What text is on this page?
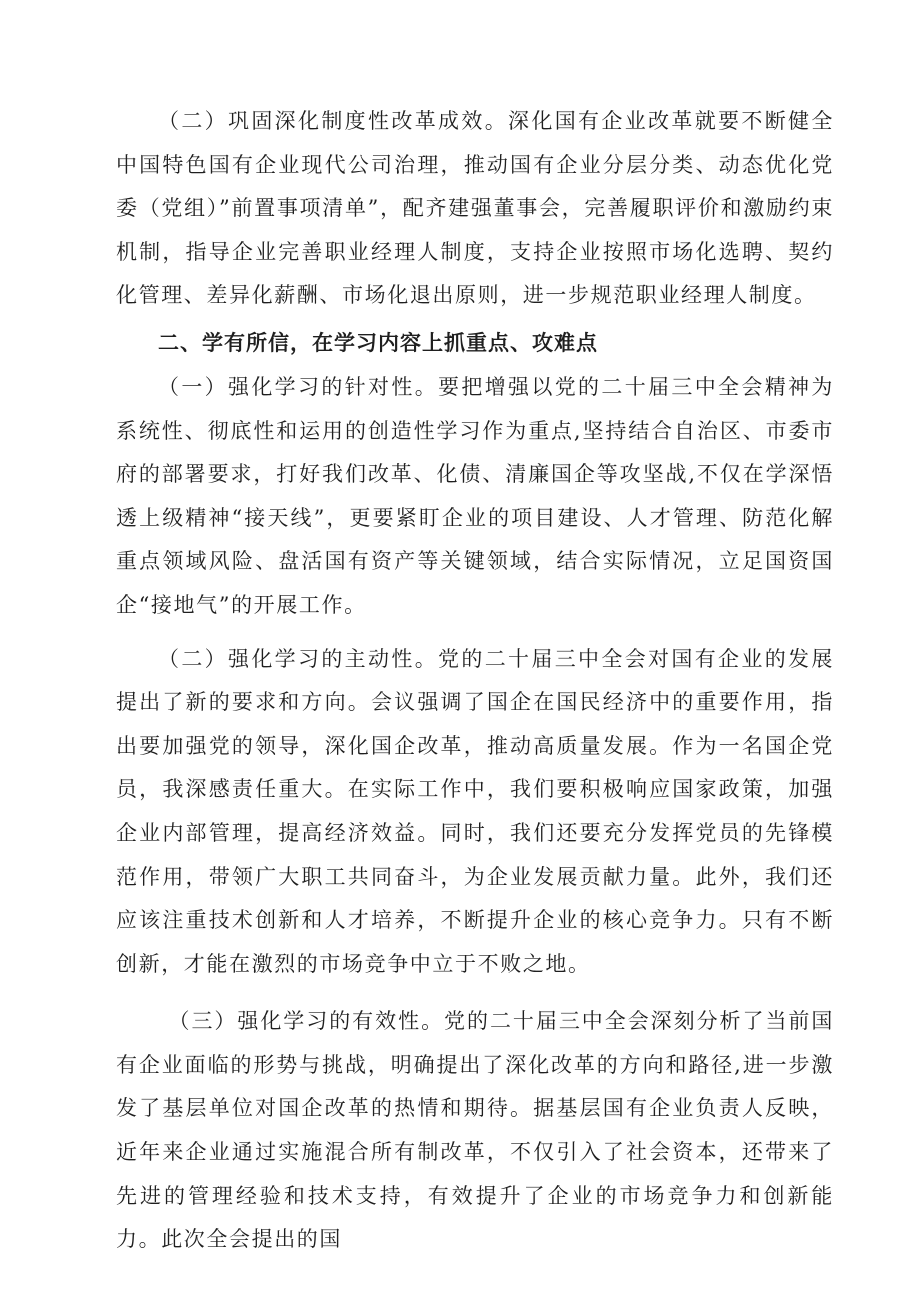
（二）巩固深化制度性改革成效。深化国有企业改革就要不断健全中国特色国有企业现代公司治理，推动国有企业分层分类、动态优化党委（党组）”前置事项清单”，配齐建强董事会，完善履职评价和激励约束机制，指导企业完善职业经理人制度，支持企业按照市场化选聘、契约化管理、差异化薪酬、市场化退出原则，进一步规范职业经理人制度。

二、学有所信，在学习内容上抓重点、攻难点

（一）强化学习的针对性。要把增强以党的二十届三中全会精神为系统性、彻底性和运用的创造性学习作为重点,坚持结合自治区、市委市府的部署要求，打好我们改革、化债、清廉国企等攻坚战,不仅在学深悟透上级精神“接天线”，更要紧盯企业的项目建设、人才管理、防范化解重点领域风险、盘活国有资产等关键领域，结合实际情况，立足国资国企“接地气”的开展工作。

（二）强化学习的主动性。党的二十届三中全会对国有企业的发展提出了新的要求和方向。会议强调了国企在国民经济中的重要作用，指出要加强党的领导，深化国企改革，推动高质量发展。作为一名国企党员，我深感责任重大。在实际工作中，我们要积极响应国家政策，加强企业内部管理，提高经济效益。同时，我们还要充分发挥党员的先锋模范作用，带领广大职工共同奋斗，为企业发展贡献力量。此外，我们还应该注重技术创新和人才培养，不断提升企业的核心竞争力。只有不断创新，才能在激烈的市场竞争中立于不败之地。

（三）强化学习的有效性。党的二十届三中全会深刻分析了当前国有企业面临的形势与挑战，明确提出了深化改革的方向和路径,进一步激发了基层单位对国企改革的热情和期待。据基层国有企业负责人反映，近年来企业通过实施混合所有制改革，不仅引入了社会资本，还带来了先进的管理经验和技术支持，有效提升了企业的市场竞争力和创新能力。此次全会提出的国
